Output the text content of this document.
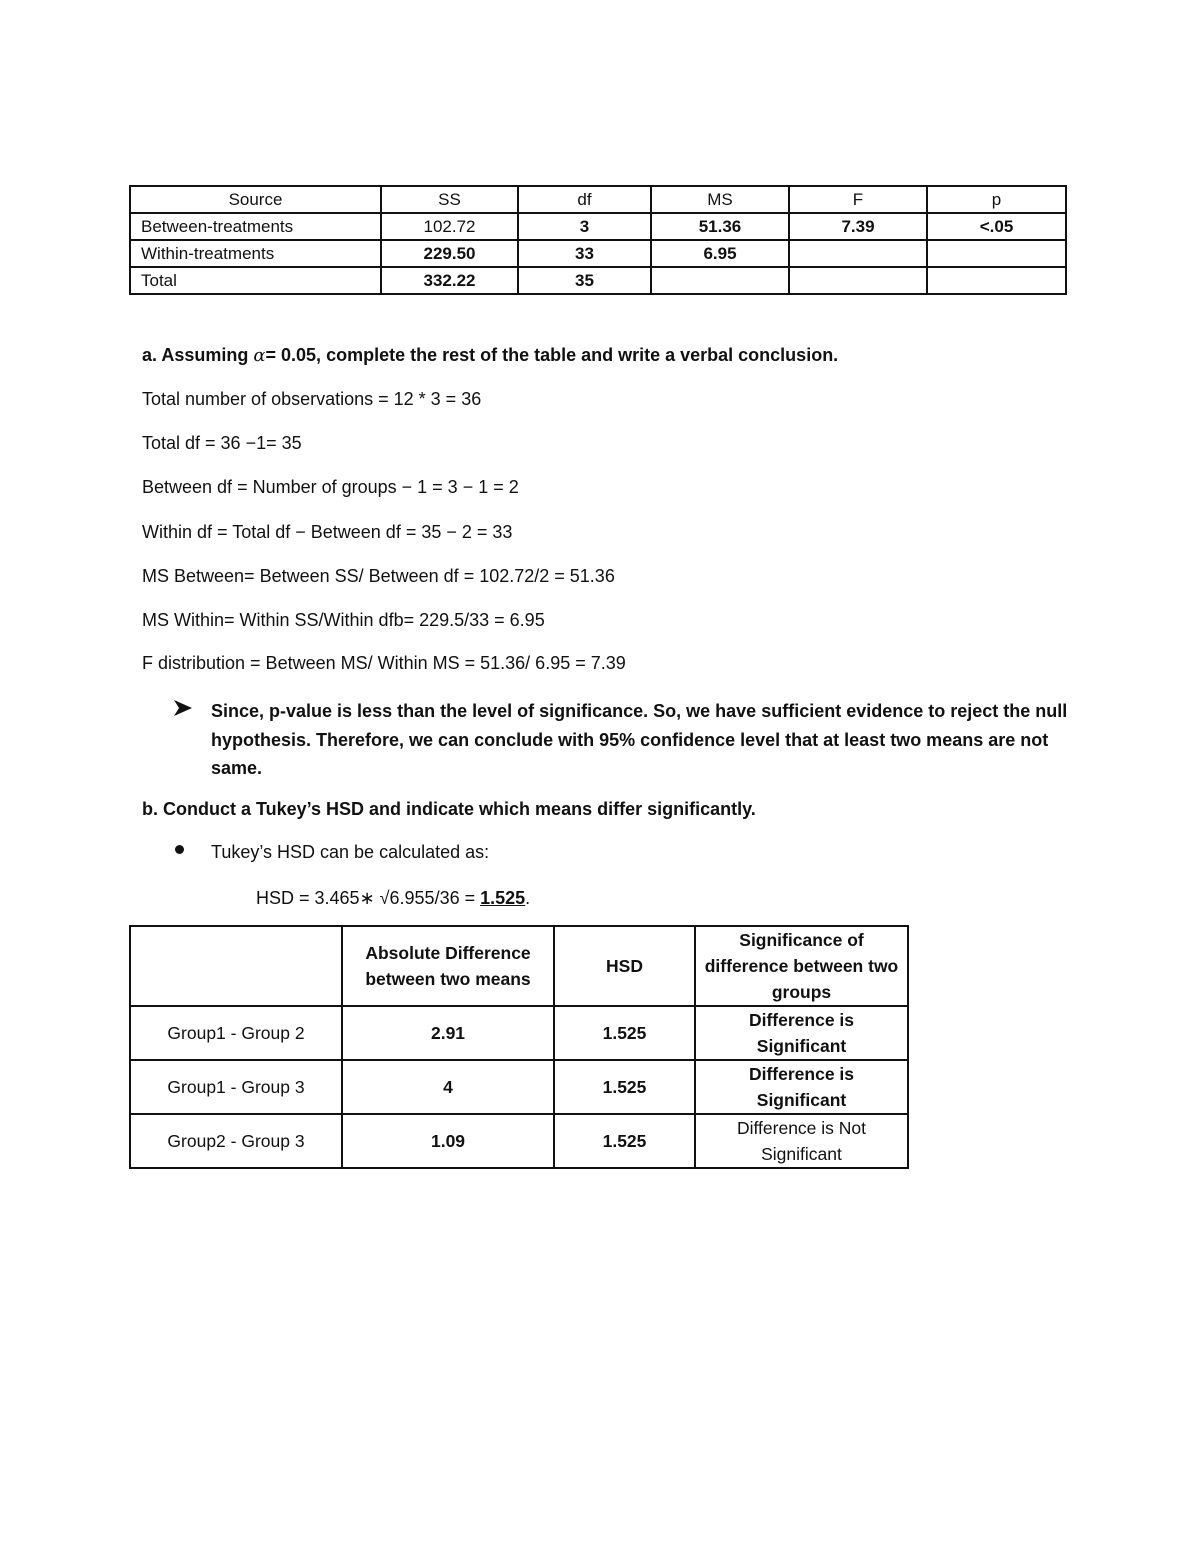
Source	SS	df	MS	F	p
Between-treatments	102.72	3	51.36	7.39	<.05
Within-treatments	229.50	33	6.95		
Total	332.22	35			
a. Assuming α= 0.05, complete the rest of the table and write a verbal conclusion.
Total number of observations = 12 * 3 = 36
Total df = 36 −1= 35
Between df = Number of groups − 1 = 3 − 1 = 2
Within df = Total df − Between df = 35 − 2 = 33
MS Between= Between SS/ Between df = 102.72/2 = 51.36
MS Within= Within SS/Within dfb= 229.5/33 = 6.95
F distribution = Between MS/ Within MS = 51.36/ 6.95 = 7.39
Since, p-value is less than the level of significance. So, we have sufficient evidence to reject the null hypothesis. Therefore, we can conclude with 95% confidence level that at least two means are not same.
b. Conduct a Tukey’s HSD and indicate which means differ significantly.
Tukey’s HSD can be calculated as:
HSD = 3.465∗ √6.955/36 = 1.525.
	Absolute Difference between two means	HSD	Significance of difference between two groups
Group1 - Group 2	2.91	1.525	Difference is Significant
Group1 - Group 3	4	1.525	Difference is Significant
Group2 - Group 3	1.09	1.525	Difference is Not Significant
